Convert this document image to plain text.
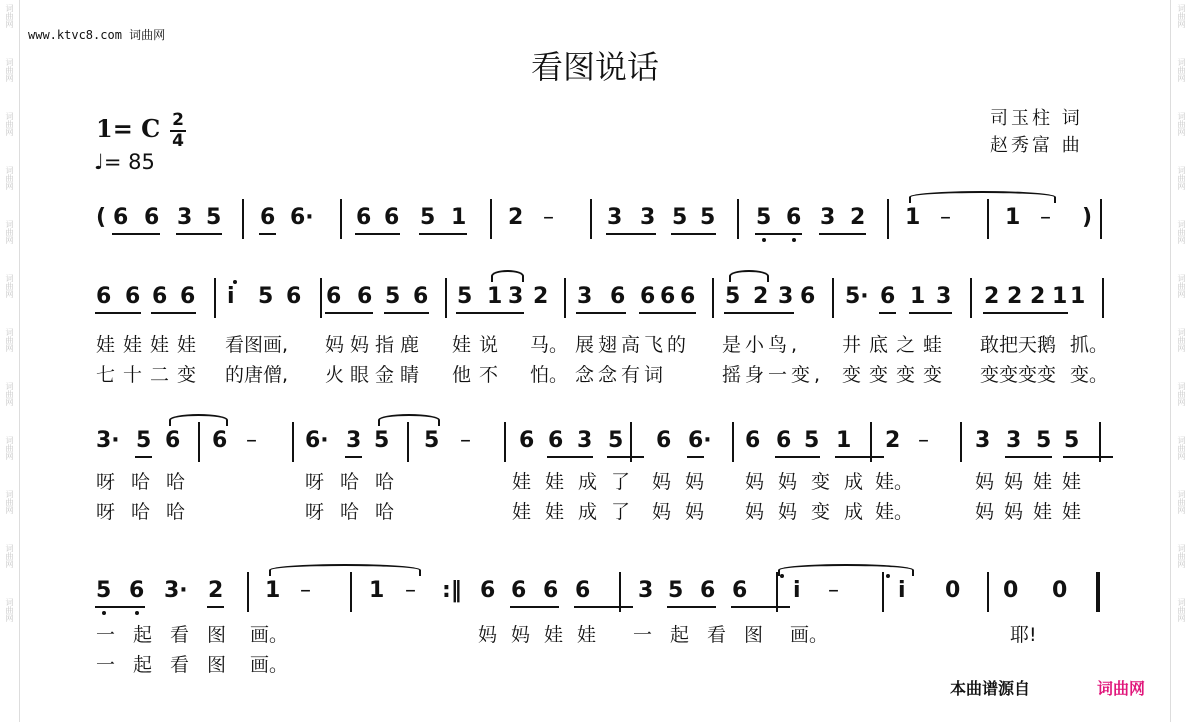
词曲网
词曲网
词曲网
词曲网
词曲网
词曲网
词曲网
词曲网
词曲网
词曲网
词曲网
词曲网
词曲网
词曲网
词曲网
词曲网
词曲网
词曲网
词曲网
词曲网
词曲网
词曲网
词曲网
词曲网
www.ktvc8.com 词曲网
看图说话
1= C 2
4
♩= 85
司玉柱 词
赵秀富 曲
( 6 6 3 5 6 6· 6 6 5 1 2 – 3 3 5 5 5 6 3 2 1 – 1 – )
6 6 6 6 i 5 6 6 6 5 6 5 1 3 2 3 6 6 6 6 5 2 3 6 5· 6 1 3 2 2 2 1 1
3· 5 6 6 – 6· 3 5 5 – 6 6 3 5 6 6· 6 6 5 1 2 – 3 3 5 5
5 6 3· 2 1 –	1 – :‖ 6 6 6 6 3 5 6 6 i –	i 0 0 0
娃娃娃娃 看图画, 妈妈指鹿 娃说 马。 展翅高飞的 是小鸟, 井底之蛙 敢把天鹅 抓。
七十二变 的唐僧, 火眼金睛 他不 怕。 念念有词	摇身一变, 变变变变 变变变变 变。
呀哈哈	呀哈哈	娃娃成了 妈妈 妈妈变成
娃。	妈妈娃娃
呀哈哈	呀哈哈	娃娃成了 妈妈 妈妈变成
娃。	妈妈娃娃
一起看图 画。	妈妈娃娃 一起看图 画。	耶!
一起看图 画。
本曲谱源自	词曲网
